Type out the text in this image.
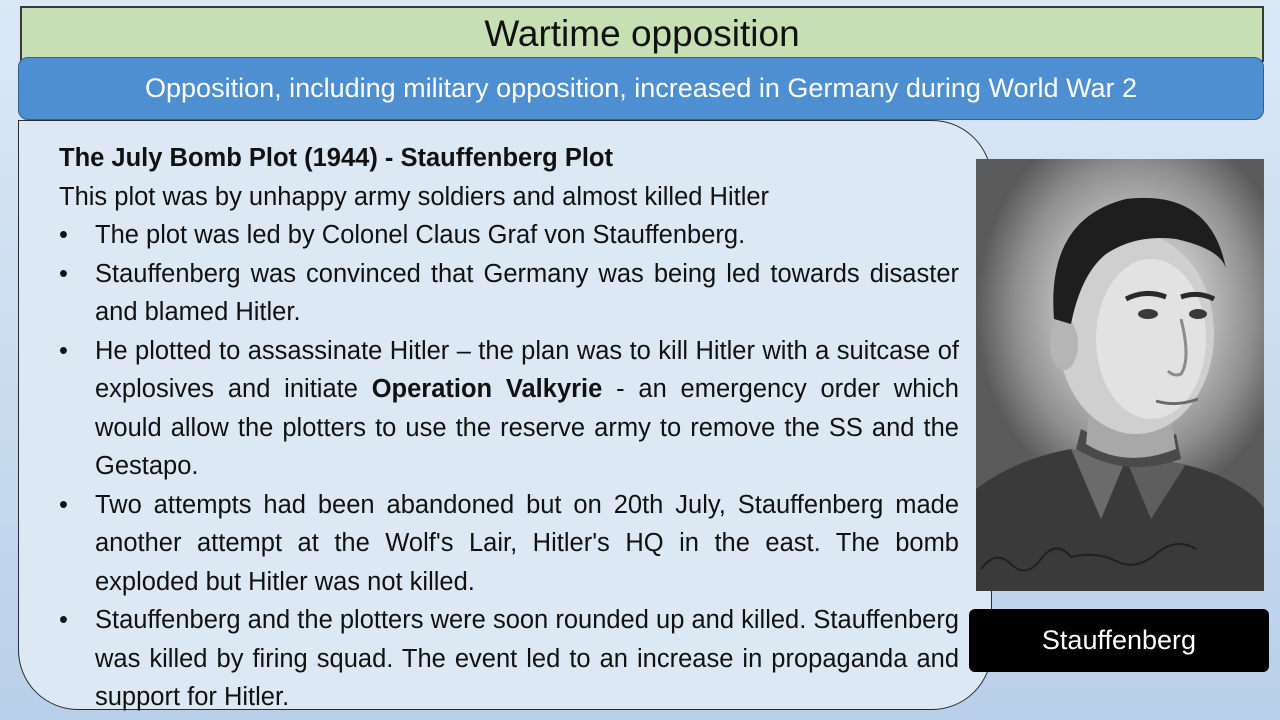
Wartime opposition
Opposition, including military opposition, increased in Germany during World War 2

The July Bomb Plot (1944) - Stauffenberg Plot

This plot was by unhappy army soldiers and almost killed Hitler

• The plot was led by Colonel Claus Graf von Stauffenberg.
• Stauffenberg was convinced that Germany was being led towards disaster and blamed Hitler.
• He plotted to assassinate Hitler – the plan was to kill Hitler with a suitcase of explosives and initiate Operation Valkyrie - an emergency order which would allow the plotters to use the reserve army to remove the SS and the Gestapo.
• Two attempts had been abandoned but on 20th July, Stauffenberg made another attempt at the Wolf's Lair, Hitler's HQ in the east. The bomb exploded but Hitler was not killed.
• Stauffenberg and the plotters were soon rounded up and killed. Stauffenberg was killed by firing squad. The event led to an increase in propaganda and support for Hitler.
Stauffenberg
